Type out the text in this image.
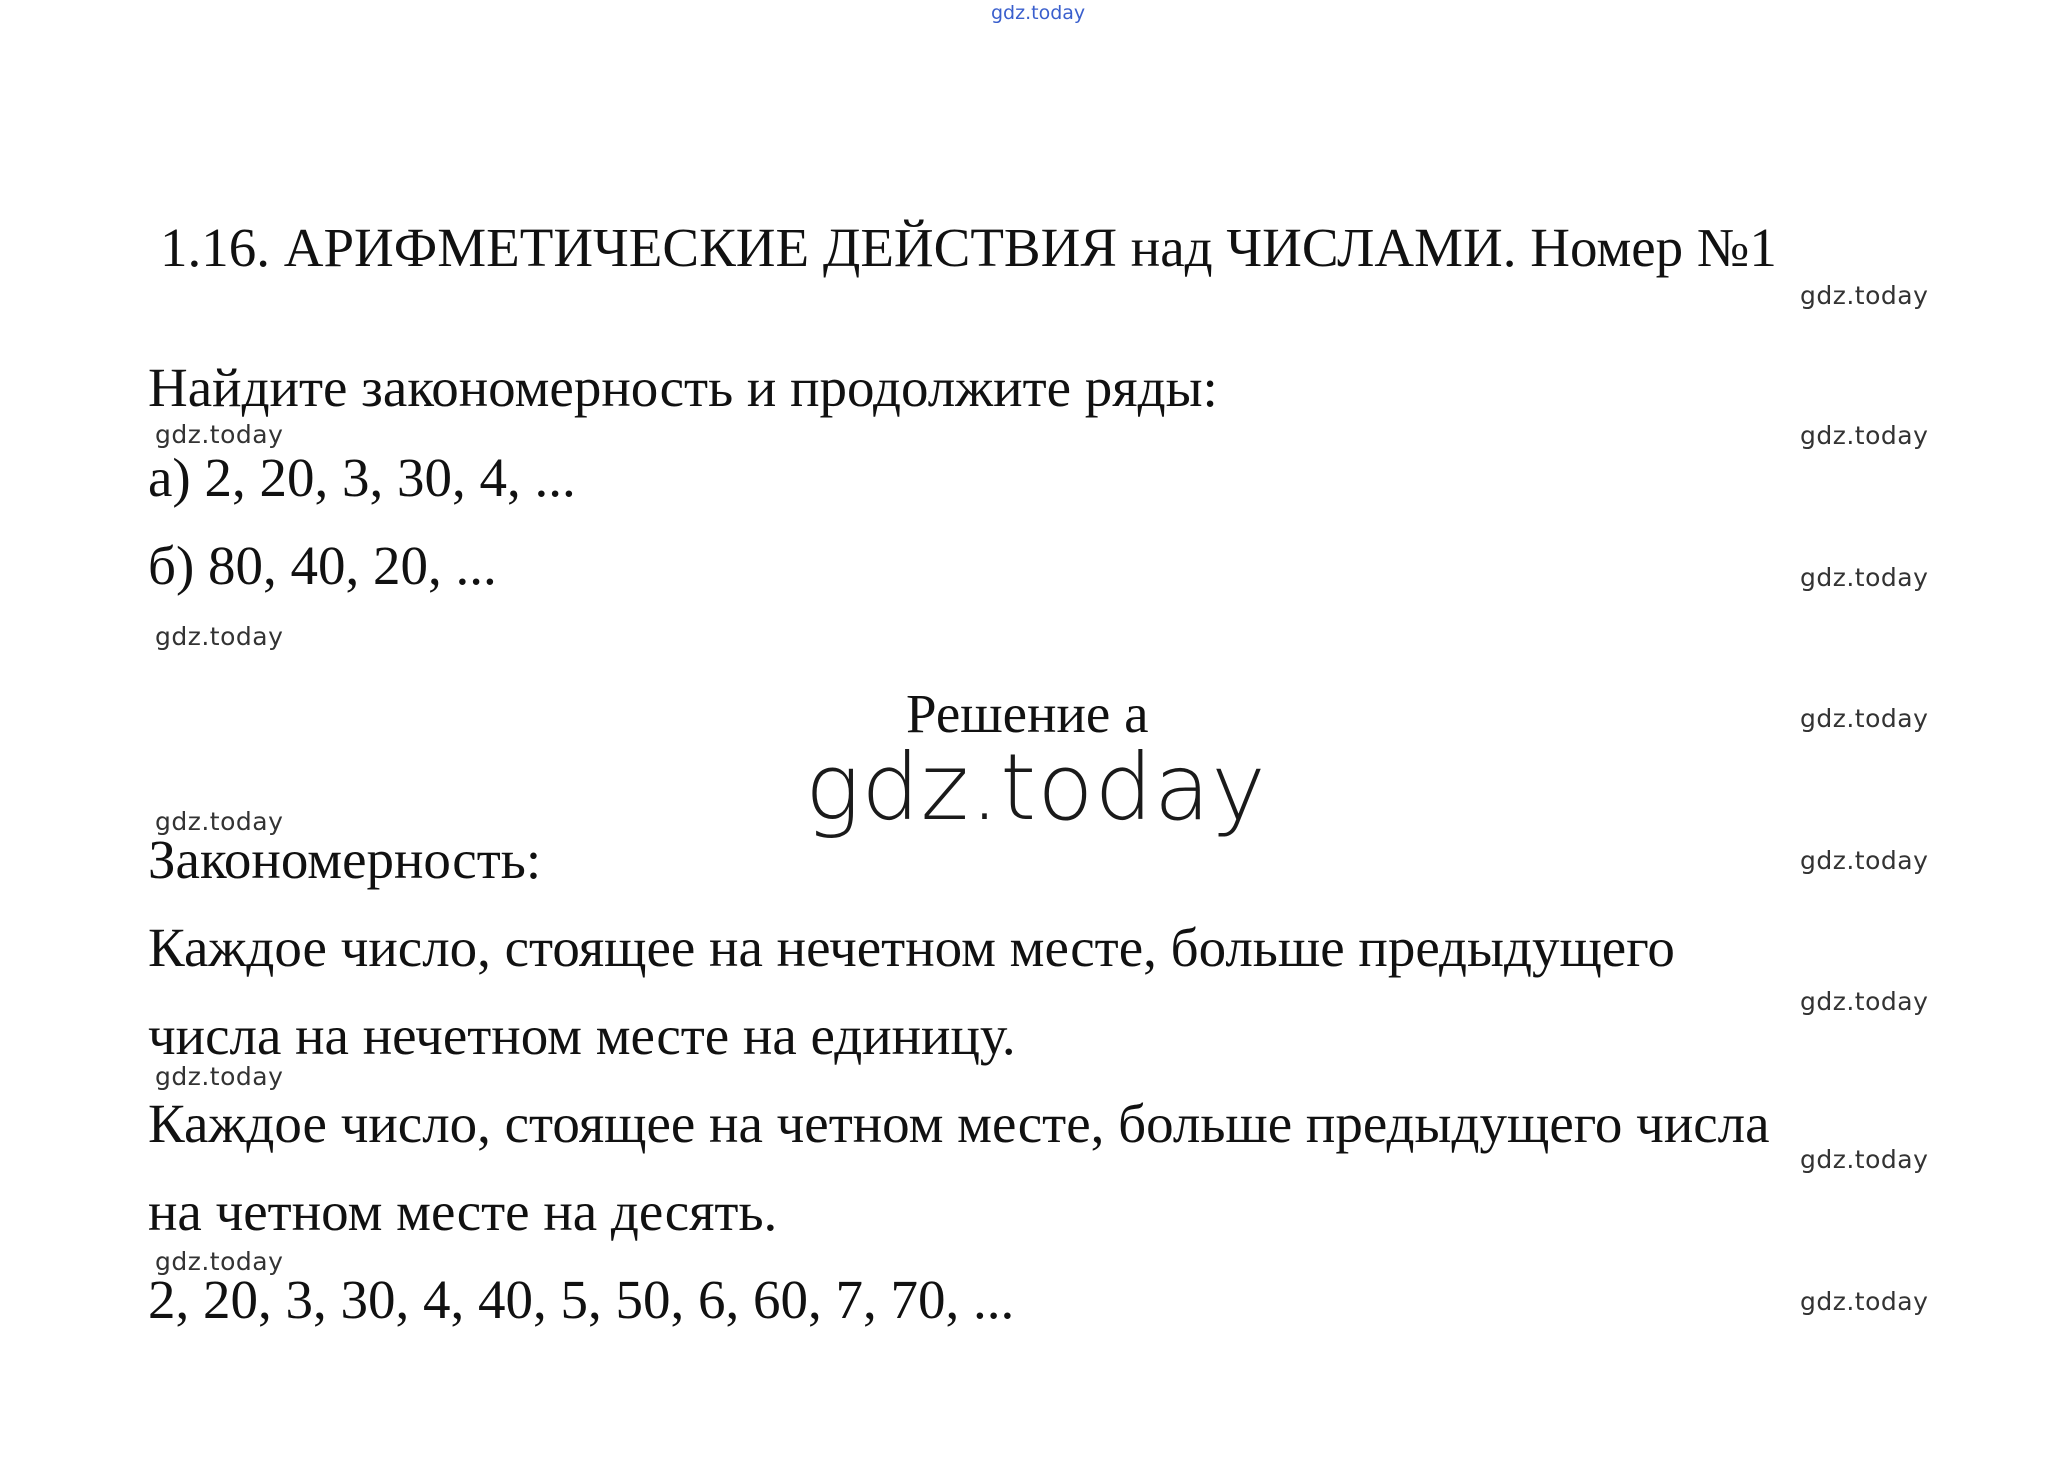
gdz.today
1.16. АРИФМЕТИЧЕСКИЕ ДЕЙСТВИЯ над ЧИСЛАМИ. Номер №1
gdz.today
Найдите закономерность и продолжите ряды:
gdz.today	gdz.today
а) 2, 20, 3, 30, 4, ...
б) 80, 40, 20, ...	gdz.today
gdz.today
Решение а	gdz.today
gdz.today
gdz.today
Закономерность:	gdz.today
Каждое число, стоящее на нечетном месте, больше предыдущего
gdz.today
числа на нечетном месте на единицу.
gdz.today
Каждое число, стоящее на четном месте, больше предыдущего числа
gdz.today
на четном месте на десять.
gdz.today
2, 20, 3, 30, 4, 40, 5, 50, 6, 60, 7, 70, ...	gdz.today
